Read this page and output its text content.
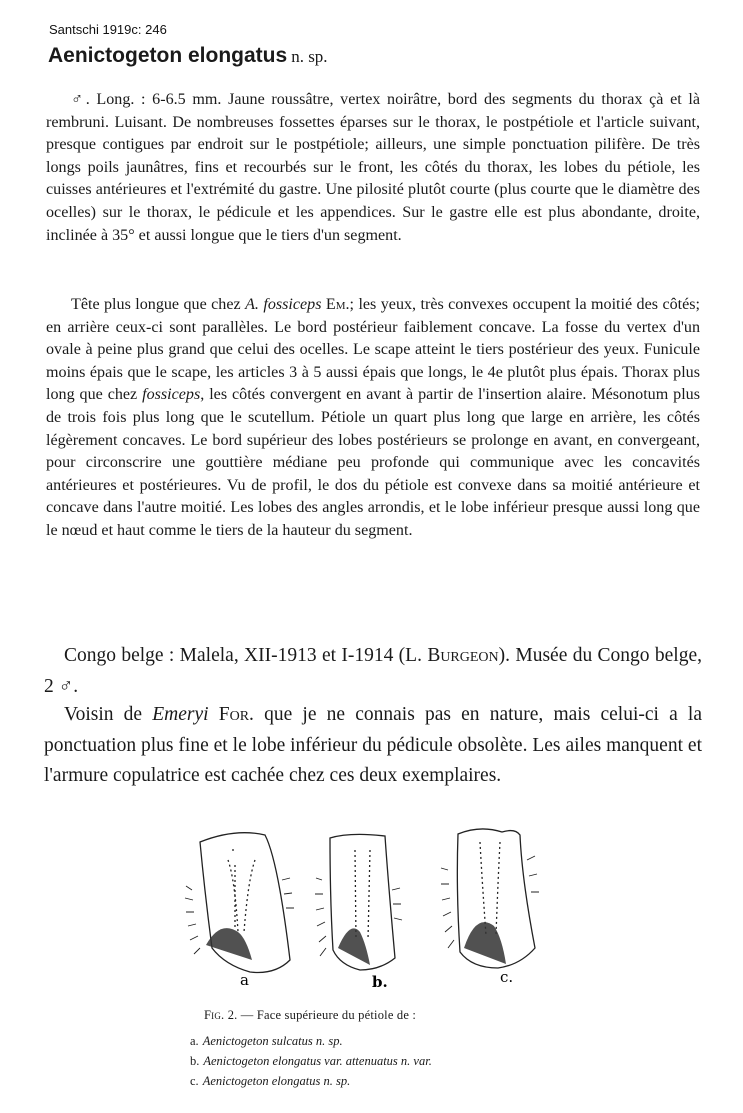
Santschi 1919c: 246
Aenictogeton elongatus n. sp.
♂. Long. : 6-6.5 mm. Jaune roussâtre, vertex noirâtre, bord des segments du thorax çà et là rembruni. Luisant. De nombreuses fossettes éparses sur le thorax, le postpétiole et l'article suivant, presque contigues par endroit sur le postpétiole; ailleurs, une simple ponctuation pilifère. De très longs poils jaunâtres, fins et recourbés sur le front, les côtés du thorax, les lobes du pétiole, les cuisses antérieures et l'extrémité du gastre. Une pilosité plutôt courte (plus courte que le diamètre des ocelles) sur le thorax, le pédicule et les appendices. Sur le gastre elle est plus abondante, droite, inclinée à 35° et aussi longue que le tiers d'un segment.
Tête plus longue que chez A. fossiceps Em.; les yeux, très convexes occupent la moitié des côtés; en arrière ceux-ci sont parallèles. Le bord postérieur faiblement concave. La fosse du vertex d'un ovale à peine plus grand que celui des ocelles. Le scape atteint le tiers postérieur des yeux. Funicule moins épais que le scape, les articles 3 à 5 aussi épais que longs, le 4e plutôt plus épais. Thorax plus long que chez fossiceps, les côtés convergent en avant à partir de l'insertion alaire. Mésonotum plus de trois fois plus long que le scutellum. Pétiole un quart plus long que large en arrière, les côtés légèrement concaves. Le bord supérieur des lobes postérieurs se prolonge en avant, en convergeant, pour circonscrire une gouttière médiane peu profonde qui communique avec les concavités antérieures et postérieures. Vu de profil, le dos du pétiole est convexe dans sa moitié antérieure et concave dans l'autre moitié. Les lobes des angles arrondis, et le lobe inférieur presque aussi long que le nœud et haut comme le tiers de la hauteur du segment.
Congo belge : Malela, XII-1913 et I-1914 (L. Burgeon). Musée du Congo belge, 2 ♂.
Voisin de Emeryi For. que je ne connais pas en nature, mais celui-ci a la ponctuation plus fine et le lobe inférieur du pédicule obsolète. Les ailes manquent et l'armure copulatrice est cachée chez ces deux exemplaires.
a	b.	c.
Fig. 2. — Face supérieure du pétiole de :
a. Aenictogeton sulcatus n. sp.
b. Aenictogeton elongatus var. attenuatus n. var.
c. Aenictogeton elongatus n. sp.
